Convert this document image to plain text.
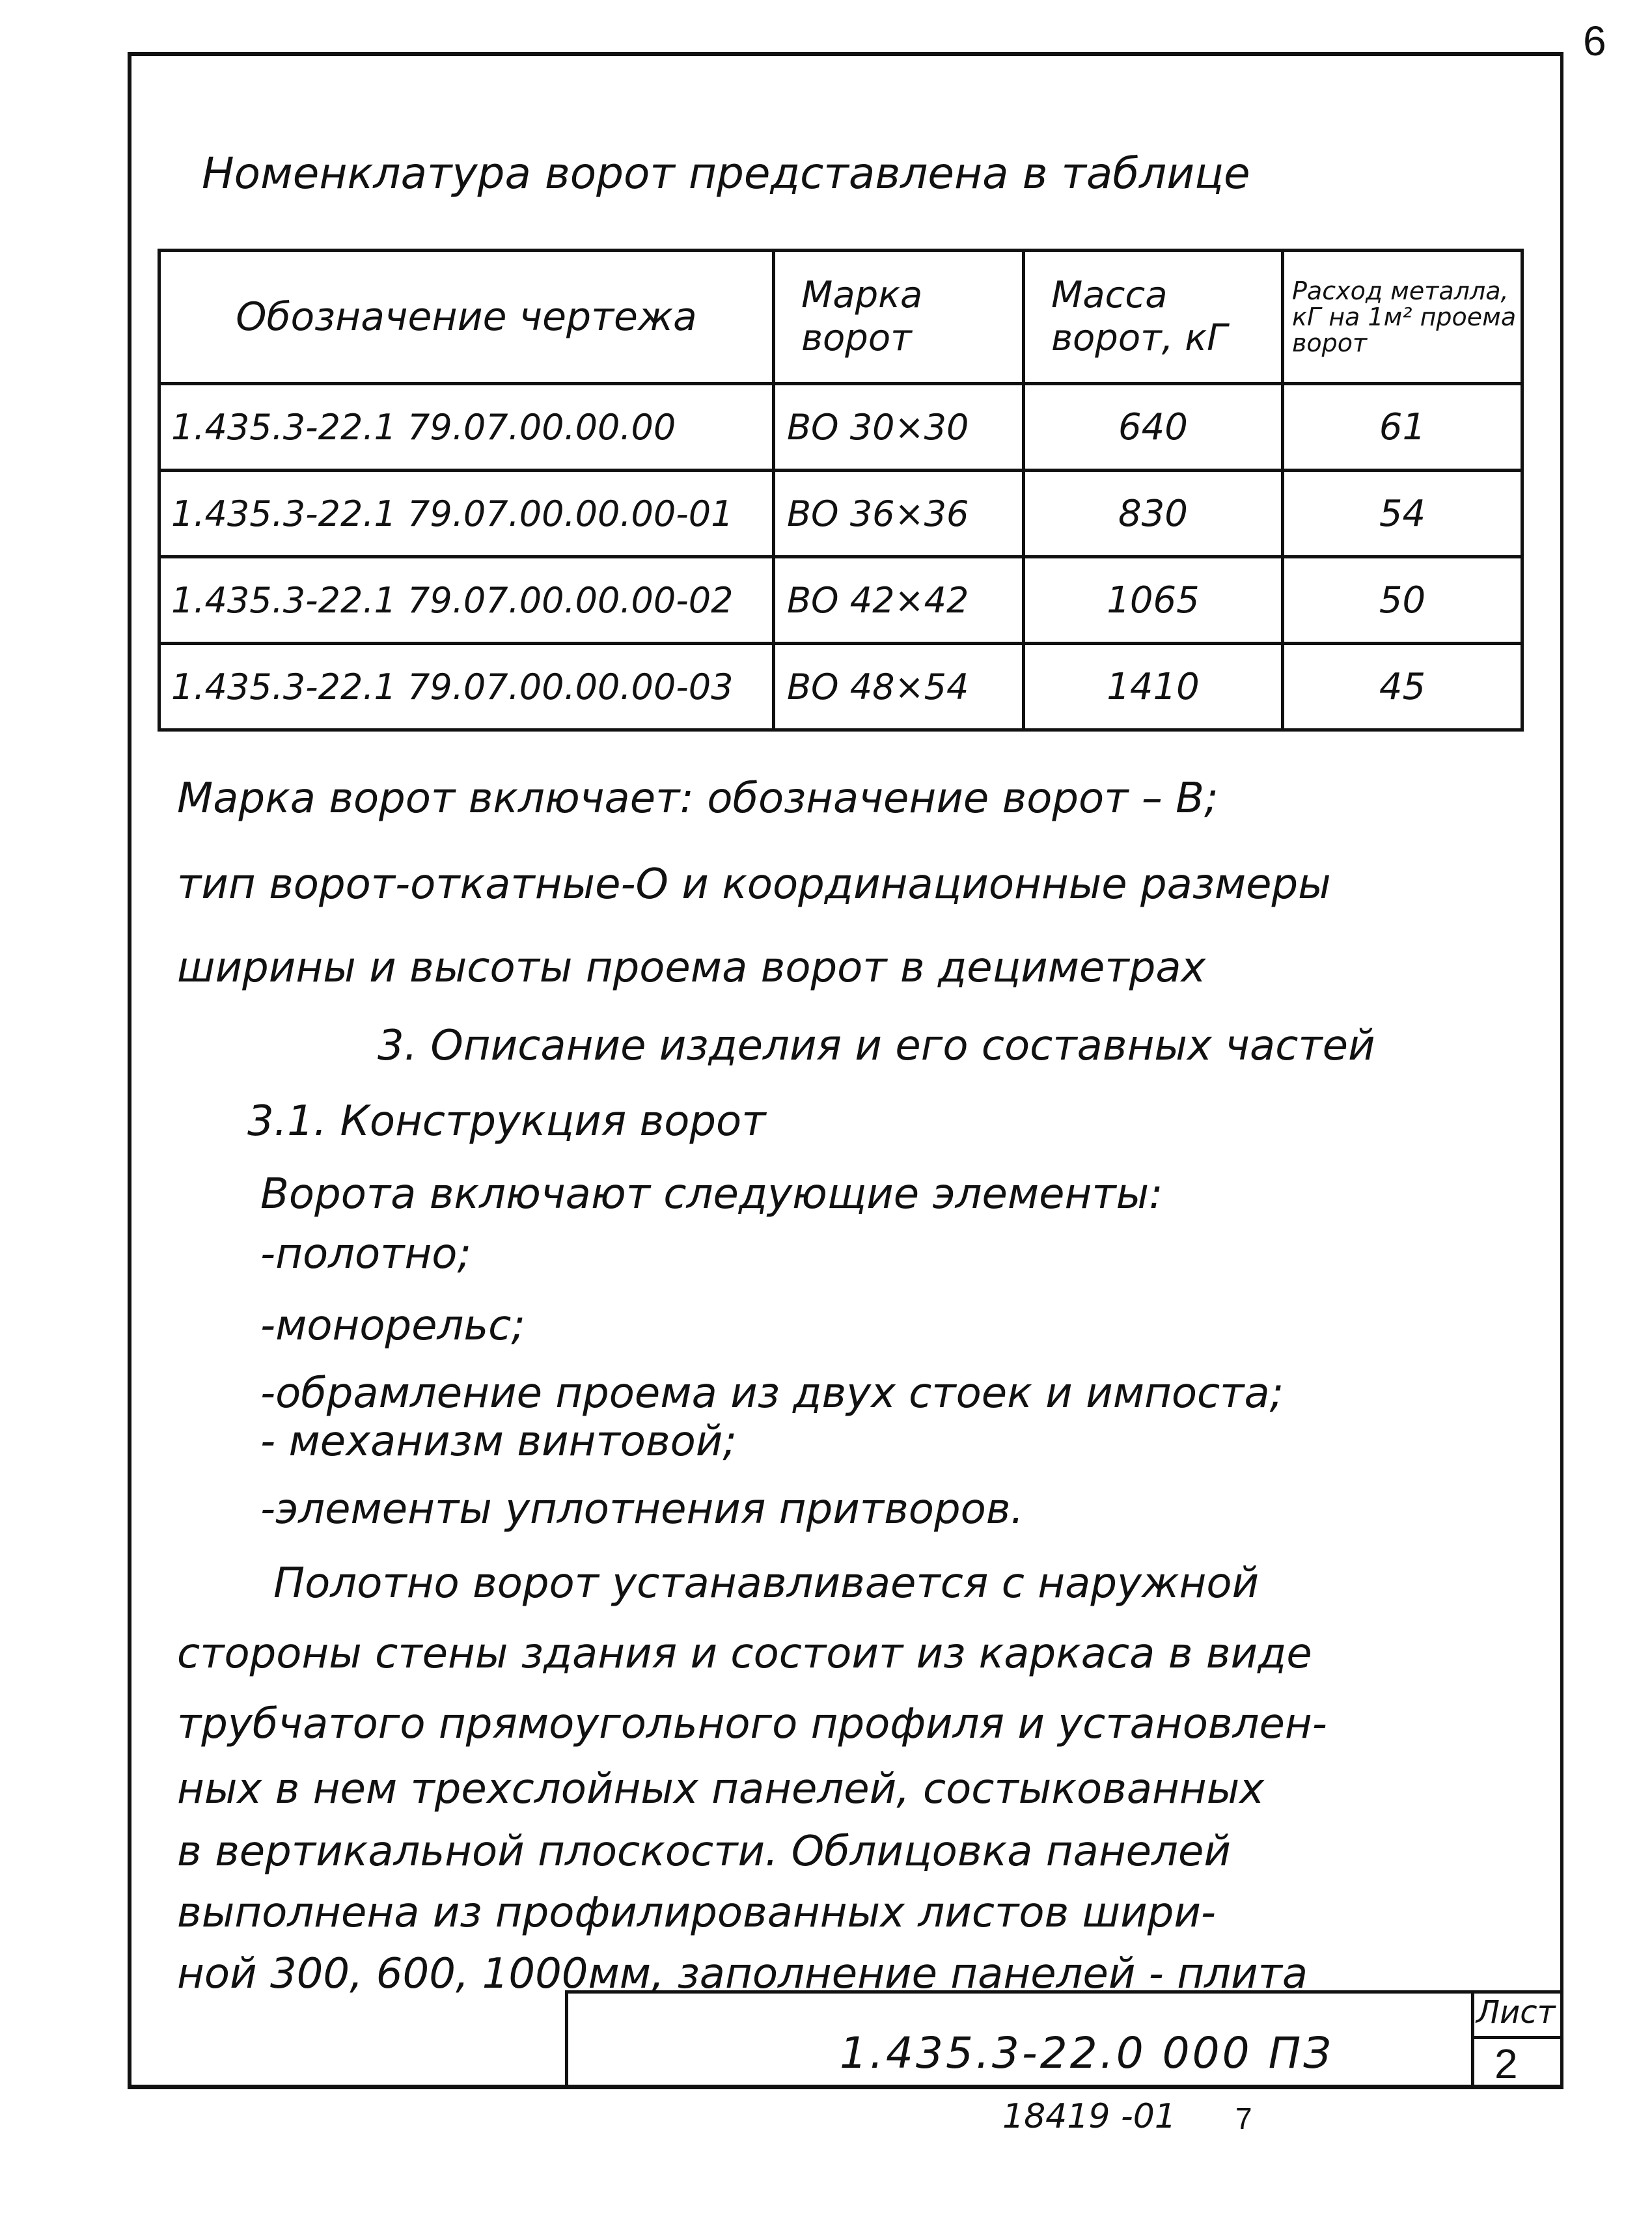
6
Номенклатура ворот представлена в таблице
Обозначение чертежа	Марка ворот	Масса ворот, кГ	Расход металла, кГ на 1м² проема ворот
1.435.3-22.1 79.07.00.00.00	ВО 30×30	640	61
1.435.3-22.1 79.07.00.00.00-01	ВО 36×36	830	54
1.435.3-22.1 79.07.00.00.00-02	ВО 42×42	1065	50
1.435.3-22.1 79.07.00.00.00-03	ВО 48×54	1410	45
Марка ворот включает: обозначение ворот – В;
тип ворот-откатные-О и координационные размеры
ширины и высоты проема ворот в дециметрах
3. Описание изделия и его составных частей
3.1. Конструкция ворот
Ворота включают следующие элементы:
-полотно;
-монорельс;
-обрамление проема из двух стоек и импоста;
- механизм винтовой;
-элементы уплотнения притворов.
Полотно ворот устанавливается с наружной
стороны стены здания и состоит из каркаса в виде
трубчатого прямоугольного профиля и установлен-
ных в нем трехслойных панелей, состыкованных
в вертикальной плоскости. Облицовка панелей
выполнена из профилированных листов шири-
ной 300, 600, 1000мм, заполнение панелей - плита
Лист
2
1.435.3-22.0 000 ПЗ
18419 -01 7
